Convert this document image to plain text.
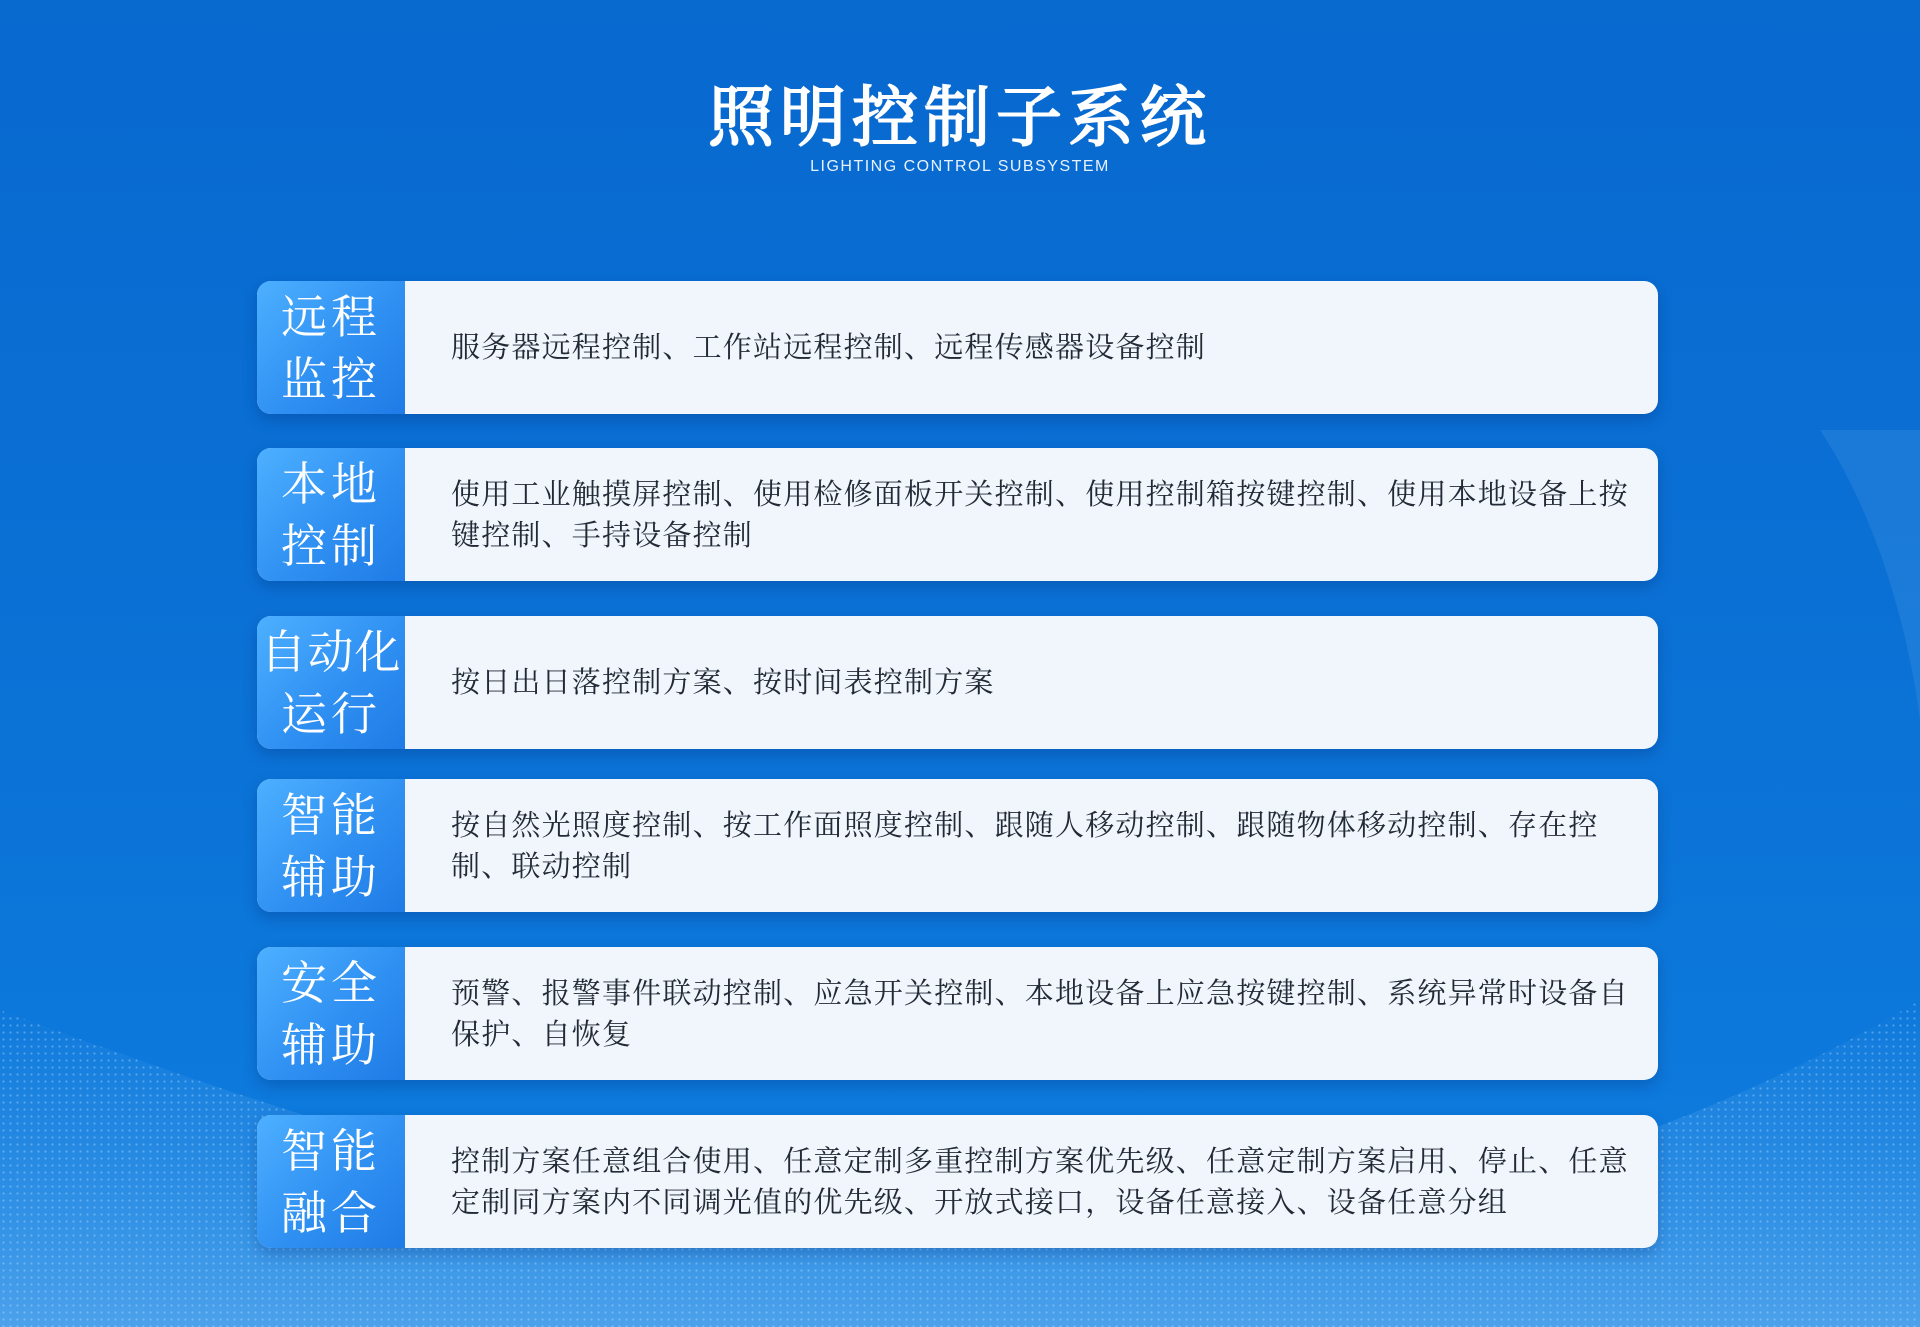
照明控制子系统
LIGHTING CONTROL SUBSYSTEM
远程
监控
服务器远程控制、工作站远程控制、远程传感器设备控制
本地
控制
使用工业触摸屏控制、使用检修面板开关控制、使用控制箱按键控制、使用本地设备上按键控制、手持设备控制
自动化
运行
按日出日落控制方案、按时间表控制方案
智能
辅助
按自然光照度控制、按工作面照度控制、跟随人移动控制、跟随物体移动控制、存在控制、联动控制
安全
辅助
预警、报警事件联动控制、应急开关控制、本地设备上应急按键控制、系统异常时设备自保护、自恢复
智能
融合
控制方案任意组合使用、任意定制多重控制方案优先级、任意定制方案启用、停止、任意定制同方案内不同调光值的优先级、开放式接口，设备任意接入、设备任意分组
